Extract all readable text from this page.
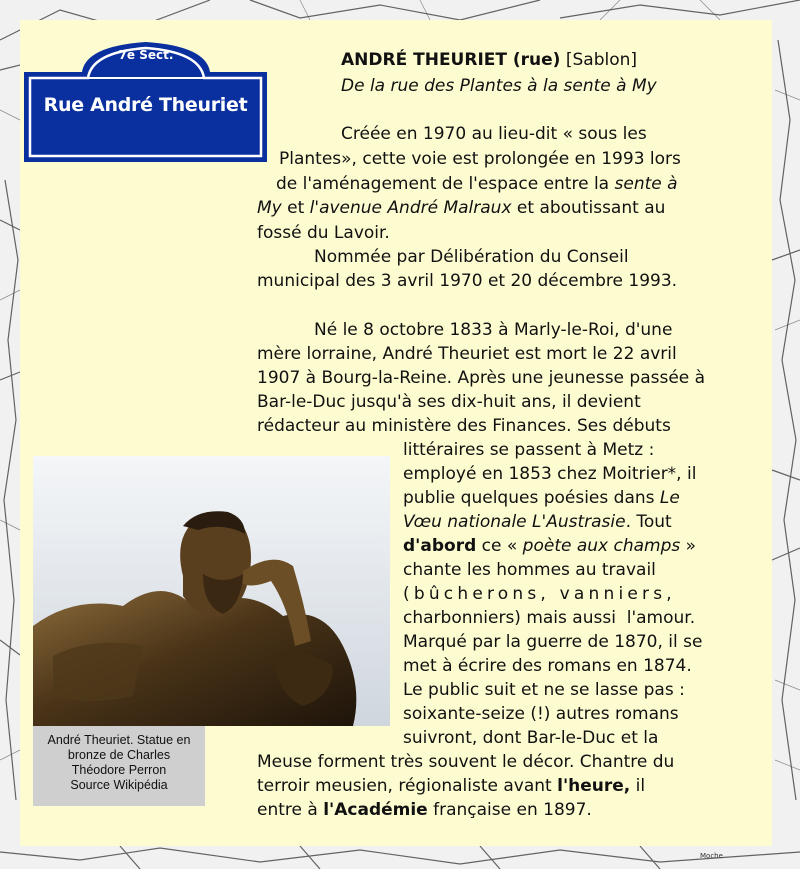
Moche
7e Sect.
Rue André Theuriet
ANDRÉ THEURIET (rue) [Sablon]
De la rue des Plantes à la sente à My
Créée en 1970 au lieu-dit « sous les
Plantes», cette voie est prolongée en 1993 lors
de l'aménagement de l'espace entre la sente à
My et l'avenue André Malraux et aboutissant au
fossé du Lavoir.
Nommée par Délibération du Conseil
municipal des 3 avril 1970 et 20 décembre 1993.
Né le 8 octobre 1833 à Marly-le-Roi, d'une
mère lorraine, André Theuriet est mort le 22 avril
1907 à Bourg-la-Reine. Après une jeunesse passée à
Bar-le-Duc jusqu'à ses dix-huit ans, il devient
rédacteur au ministère des Finances. Ses débuts
littéraires se passent à Metz :
employé en 1853 chez Moitrier*, il
publie quelques poésies dans Le
Vœu nationale L'Austrasie. Tout
d'abord ce « poète aux champs »
chante les hommes au travail
(bûcherons, vanniers,
charbonniers) mais aussi  l'amour.
Marqué par la guerre de 1870, il se
met à écrire des romans en 1874.
Le public suit et ne se lasse pas :
soixante-seize (!) autres romans
suivront, dont Bar-le-Duc et la
Meuse forment très souvent le décor. Chantre du
terroir meusien, régionaliste avant l'heure, il
entre à l'Académie française en 1897.
André Theuriet. Statue en
bronze de Charles
Théodore Perron
Source Wikipédia
